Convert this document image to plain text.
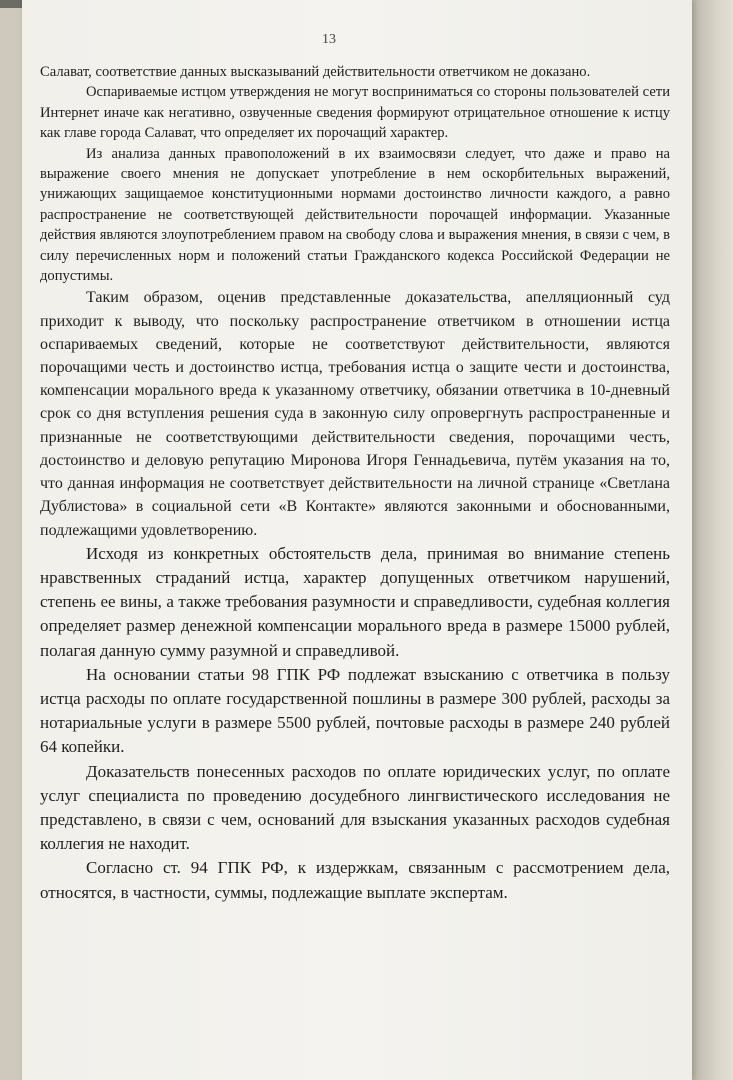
13

Салават, соответствие данных высказываний действительности ответчиком не доказано.

Оспариваемые истцом утверждения не могут восприниматься со стороны пользователей сети Интернет иначе как негативно, озвученные сведения формируют отрицательное отношение к истцу как главе города Салават, что определяет их порочащий характер.

Из анализа данных правоположений в их взаимосвязи следует, что даже и право на выражение своего мнения не допускает употребление в нем оскорбительных выражений, унижающих защищаемое конституционными нормами достоинство личности каждого, а равно распространение не соответствующей действительности порочащей информации. Указанные действия являются злоупотреблением правом на свободу слова и выражения мнения, в связи с чем, в силу перечисленных норм и положений статьи Гражданского кодекса Российской Федерации не допустимы.

Таким образом, оценив представленные доказательства, апелляционный суд приходит к выводу, что поскольку распространение ответчиком в отношении истца оспариваемых сведений, которые не соответствуют действительности, являются порочащими честь и достоинство истца, требования истца о защите чести и достоинства, компенсации морального вреда к указанному ответчику, обязании ответчика в 10-дневный срок со дня вступления решения суда в законную силу опровергнуть распространенные и признанные не соответствующими действительности сведения, порочащими честь, достоинство и деловую репутацию Миронова Игоря Геннадьевича, путём указания на то, что данная информация не соответствует действительности на личной странице «Светлана Дублистова» в социальной сети «В Контакте» являются законными и обоснованными, подлежащими удовлетворению.

Исходя из конкретных обстоятельств дела, принимая во внимание степень нравственных страданий истца, характер допущенных ответчиком нарушений, степень ее вины, а также требования разумности и справедливости, судебная коллегия определяет размер денежной компенсации морального вреда в размере 15000 рублей, полагая данную сумму разумной и справедливой.

На основании статьи 98 ГПК РФ подлежат взысканию с ответчика в пользу истца расходы по оплате государственной пошлины в размере 300 рублей, расходы за нотариальные услуги в размере 5500 рублей, почтовые расходы в размере 240 рублей 64 копейки.

Доказательств понесенных расходов по оплате юридических услуг, по оплате услуг специалиста по проведению досудебного лингвистического исследования не представлено, в связи с чем, оснований для взыскания указанных расходов судебная коллегия не находит.

Согласно ст. 94 ГПК РФ, к издержкам, связанным с рассмотрением дела, относятся, в частности, суммы, подлежащие выплате экспертам.
